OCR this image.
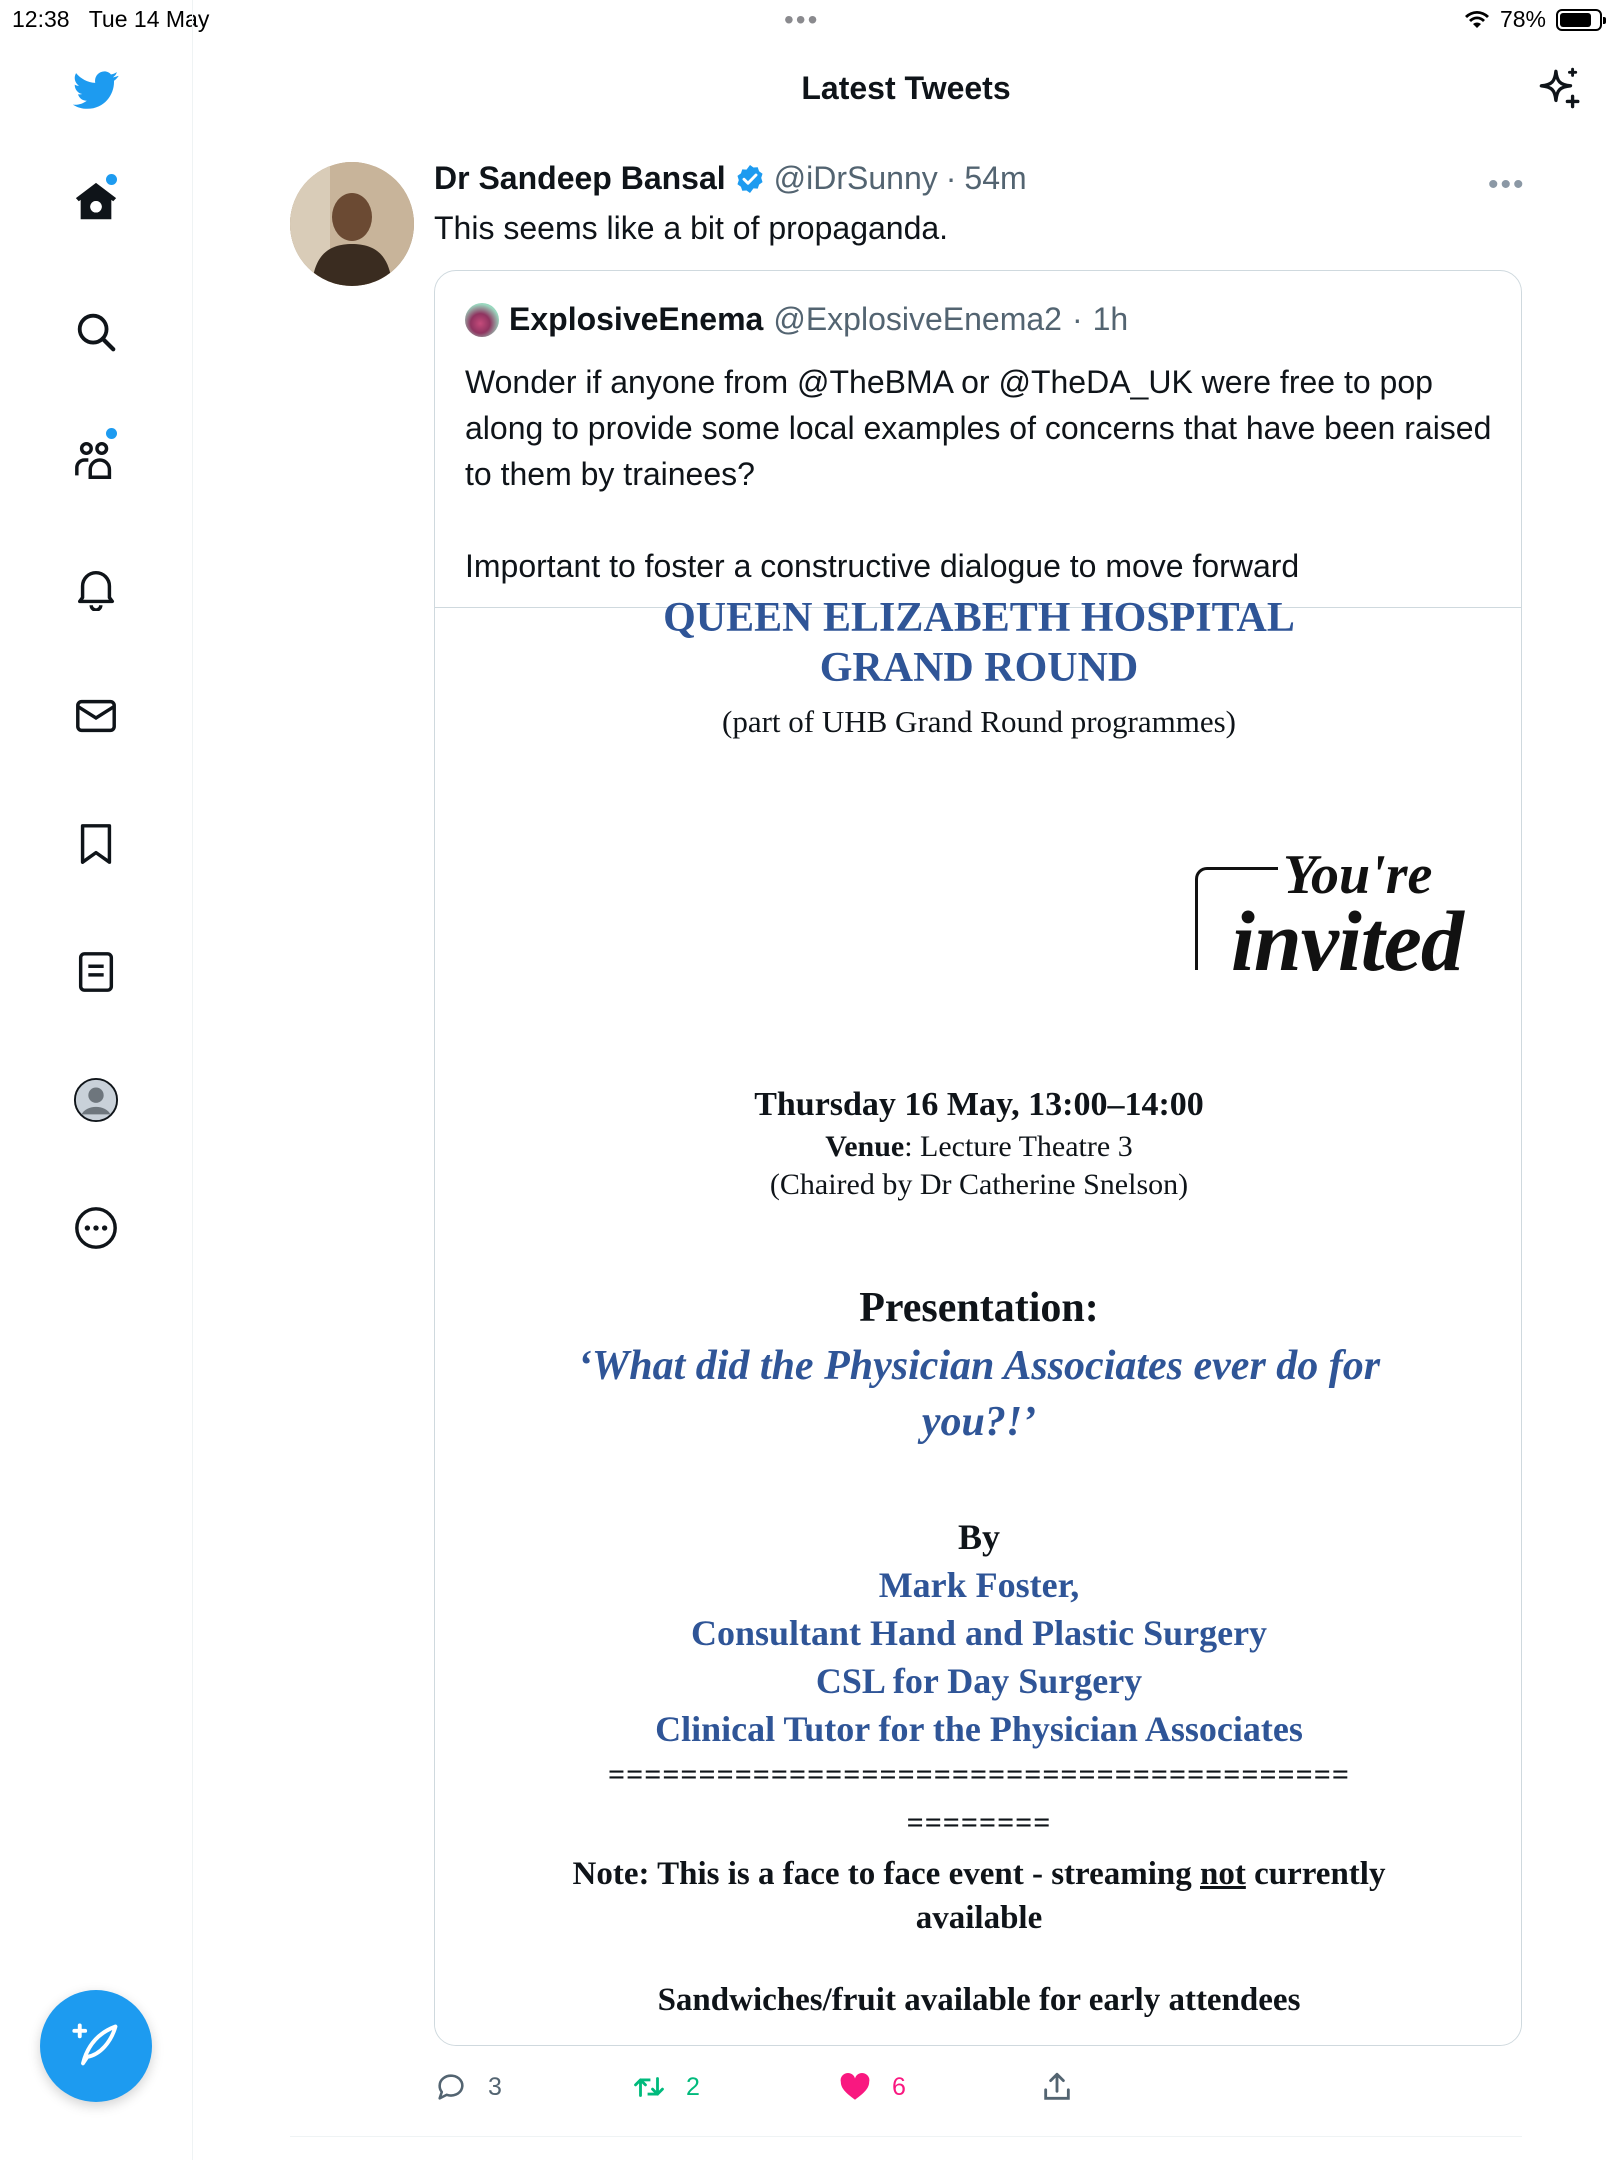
12:38 Tue 14 May	•••	78%
Latest Tweets
Dr Sandeep Bansal @iDrSunny · 54m	•••
This seems like a bit of propaganda.
ExplosiveEnema @ExplosiveEnema2 · 1h
Wonder if anyone from @TheBMA or @TheDA_UK were free to pop along to provide some local examples of concerns that have been raised to them by trainees?

Important to foster a constructive dialogue to move forward
QUEEN ELIZABETH HOSPITAL
GRAND ROUND
(part of UHB Grand Round programmes)
You're
invited
Thursday 16 May, 13:00–14:00
Venue: Lecture Theatre 3
(Chaired by Dr Catherine Snelson)
Presentation:
‘What did the Physician Associates ever do for
you?!’
By
Mark Foster,
Consultant Hand and Plastic Surgery
CSL for Day Surgery
Clinical Tutor for the Physician Associates
=========================================
========
Note: This is a face to face event - streaming not currently
available
Sandwiches/fruit available for early attendees
3	2	6
